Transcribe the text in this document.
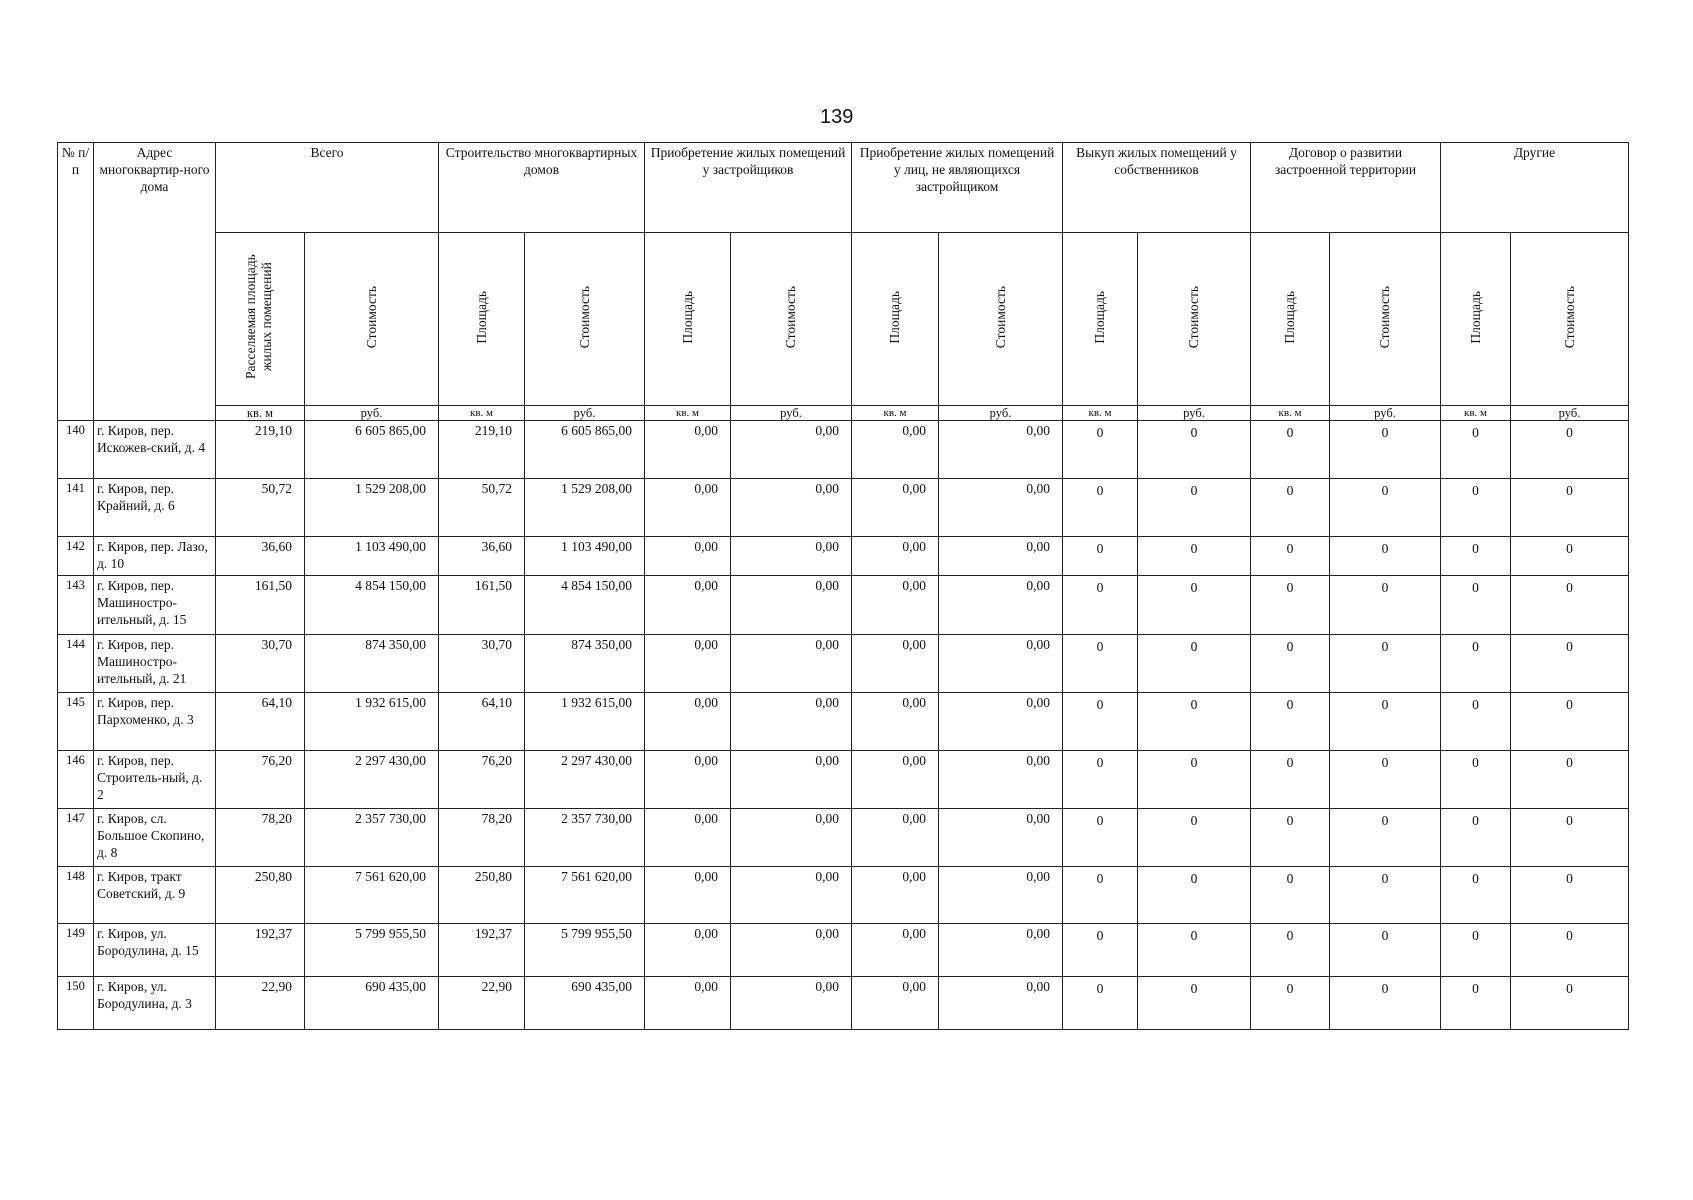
139
№ п/п	Адрес многоквартир-ного дома	Всего		Строительство многоквартирных домов		Приобретение жилых помещений у застройщиков		Приобретение жилых помещений у лиц, не являющихся застройщиком		Выкуп жилых помещений у собственников		Договор о развитии застроенной территории		Другие	
		Расселяемая площадь жилых помещений	Стоимость	Площадь	Стоимость	Площадь	Стоимость	Площадь	Стоимость	Площадь	Стоимость	Площадь	Стоимость	Площадь	Стоимость
		кв. м	руб.	кв. м	руб.	кв. м	руб.	кв. м	руб.	кв. м	руб.	кв. м	руб.	кв. м	руб.
140	г. Киров, пер. Искожев-ский, д. 4	219,10	6 605 865,00	219,10	6 605 865,00	0,00	0,00	0,00	0,00	0	0	0	0	0	0
141	г. Киров, пер. Крайний, д. 6	50,72	1 529 208,00	50,72	1 529 208,00	0,00	0,00	0,00	0,00	0	0	0	0	0	0
142	г. Киров, пер. Лазо, д. 10	36,60	1 103 490,00	36,60	1 103 490,00	0,00	0,00	0,00	0,00	0	0	0	0	0	0
143	г. Киров, пер. Машиностро-ительный, д. 15	161,50	4 854 150,00	161,50	4 854 150,00	0,00	0,00	0,00	0,00	0	0	0	0	0	0
144	г. Киров, пер. Машиностро-ительный, д. 21	30,70	874 350,00	30,70	874 350,00	0,00	0,00	0,00	0,00	0	0	0	0	0	0
145	г. Киров, пер. Пархоменко, д. 3	64,10	1 932 615,00	64,10	1 932 615,00	0,00	0,00	0,00	0,00	0	0	0	0	0	0
146	г. Киров, пер. Строитель-ный, д. 2	76,20	2 297 430,00	76,20	2 297 430,00	0,00	0,00	0,00	0,00	0	0	0	0	0	0
147	г. Киров, сл. Большое Скопино, д. 8	78,20	2 357 730,00	78,20	2 357 730,00	0,00	0,00	0,00	0,00	0	0	0	0	0	0
148	г. Киров, тракт Советский, д. 9	250,80	7 561 620,00	250,80	7 561 620,00	0,00	0,00	0,00	0,00	0	0	0	0	0	0
149	г. Киров, ул. Бородулина, д. 15	192,37	5 799 955,50	192,37	5 799 955,50	0,00	0,00	0,00	0,00	0	0	0	0	0	0
150	г. Киров, ул. Бородулина, д. 3	22,90	690 435,00	22,90	690 435,00	0,00	0,00	0,00	0,00	0	0	0	0	0	0
